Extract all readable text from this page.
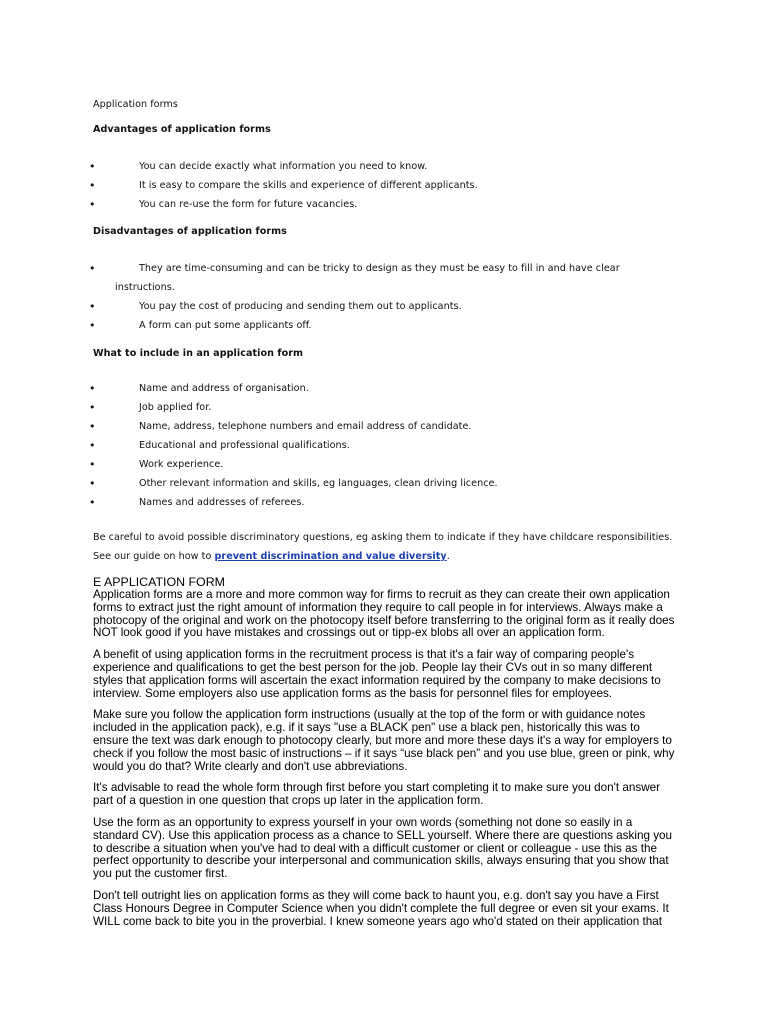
Application forms
Advantages of application forms
•	You can decide exactly what information you need to know.
•	It is easy to compare the skills and experience of different applicants.
•	You can re-use the form for future vacancies.
Disadvantages of application forms
•	They are time-consuming and can be tricky to design as they must be easy to fill in and have clear
instructions.
•	You pay the cost of producing and sending them out to applicants.
•	A form can put some applicants off.
What to include in an application form
•	Name and address of organisation.
•	Job applied for.
•	Name, address, telephone numbers and email address of candidate.
•	Educational and professional qualifications.
•	Work experience.
•	Other relevant information and skills, eg languages, clean driving licence.
•	Names and addresses of referees.
Be careful to avoid possible discriminatory questions, eg asking them to indicate if they have childcare responsibilities.
See our guide on how to prevent discrimination and value diversity.
E APPLICATION FORM

Application forms are a more and more common way for firms to recruit as they can create their own application forms to extract just the right amount of information they require to call people in for interviews. Always make a photocopy of the original and work on the photocopy itself before transferring to the original form as it really does NOT look good if you have mistakes and crossings out or tipp-ex blobs all over an application form.

A benefit of using application forms in the recruitment process is that it's a fair way of comparing people's experience and qualifications to get the best person for the job. People lay their CVs out in so many different styles that application forms will ascertain the exact information required by the company to make decisions to interview. Some employers also use application forms as the basis for personnel files for employees.

Make sure you follow the application form instructions (usually at the top of the form or with guidance notes included in the application pack), e.g. if it says "use a BLACK pen" use a black pen, historically this was to ensure the text was dark enough to photocopy clearly, but more and more these days it's a way for employers to check if you follow the most basic of instructions – if it says “use black pen” and you use blue, green or pink, why would you do that? Write clearly and don't use abbreviations.

It's advisable to read the whole form through first before you start completing it to make sure you don't answer part of a question in one question that crops up later in the application form.

Use the form as an opportunity to express yourself in your own words (something not done so easily in a standard CV). Use this application process as a chance to SELL yourself. Where there are questions asking you to describe a situation when you've had to deal with a difficult customer or client or colleague - use this as the perfect opportunity to describe your interpersonal and communication skills, always ensuring that you show that you put the customer first.

Don't tell outright lies on application forms as they will come back to haunt you, e.g. don't say you have a First Class Honours Degree in Computer Science when you didn't complete the full degree or even sit your exams. It WILL come back to bite you in the proverbial. I knew someone years ago who'd stated on their application that
